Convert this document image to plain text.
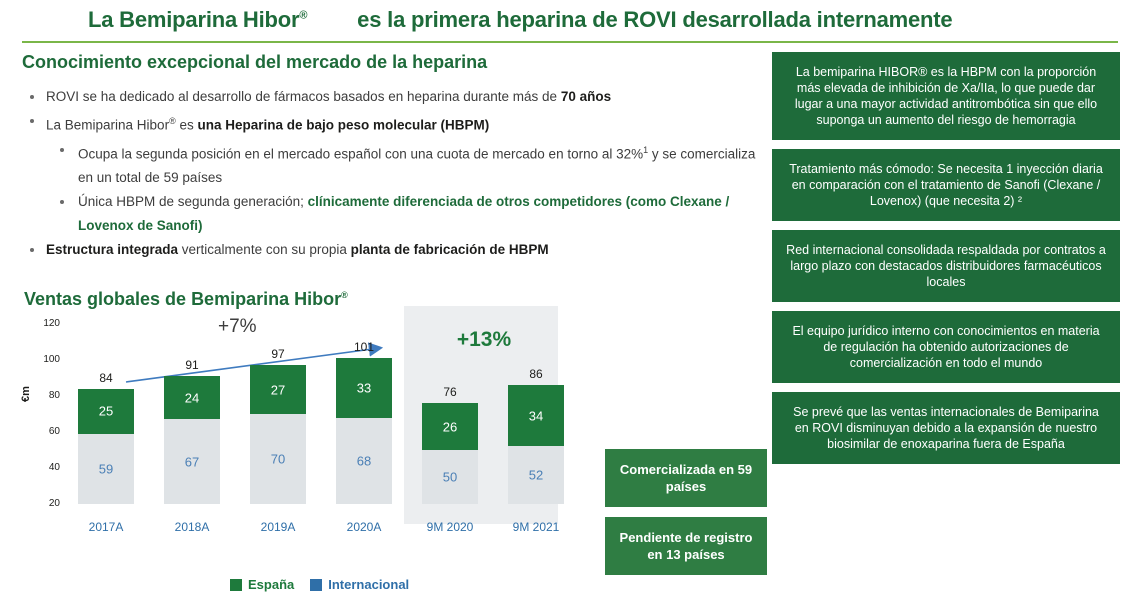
La Bemiparina Hibor® es la primera heparina de ROVI desarrollada internamente
Conocimiento excepcional del mercado de la heparina
ROVI se ha dedicado al desarrollo de fármacos basados en heparina durante más de 70 años
La Bemiparina Hibor® es una Heparina de bajo peso molecular (HBPM)
Ocupa la segunda posición en el mercado español con una cuota de mercado en torno al 32%$^1$ y se comercializa en un total de 59 países
Única HBPM de segunda generación; clínicamente diferenciada de otros competidores (como Clexane / Lovenox de Sanofi)
Estructura integrada verticalmente con su propia planta de fabricación de HBPM
Ventas globales de Bemiparina Hibor®
+7%
+13%
€m
20
40
60
80
100
120
59
25
84
2017A
67
24
91
2018A
70
27
97
2019A
68
33
101
2020A
50
26
76
9M 2020
52
34
86
9M 2021
España	Internacional
Comercializada en 59 países
Pendiente de registro en 13 países
La bemiparina HIBOR® es la HBPM con la proporción más elevada de inhibición de Xa/IIa, lo que puede dar lugar a una mayor actividad antitrombótica sin que ello suponga un aumento del riesgo de hemorragia
Tratamiento más cómodo: Se necesita 1 inyección diaria en comparación con el tratamiento de Sanofi (Clexane / Lovenox) (que necesita 2) ²
Red internacional consolidada respaldada por contratos a largo plazo con destacados distribuidores farmacéuticos locales
El equipo jurídico interno con conocimientos en materia de regulación ha obtenido autorizaciones de comercialización en todo el mundo
Se prevé que las ventas internacionales de Bemiparina en ROVI disminuyan debido a la expansión de nuestro biosimilar de enoxaparina fuera de España
